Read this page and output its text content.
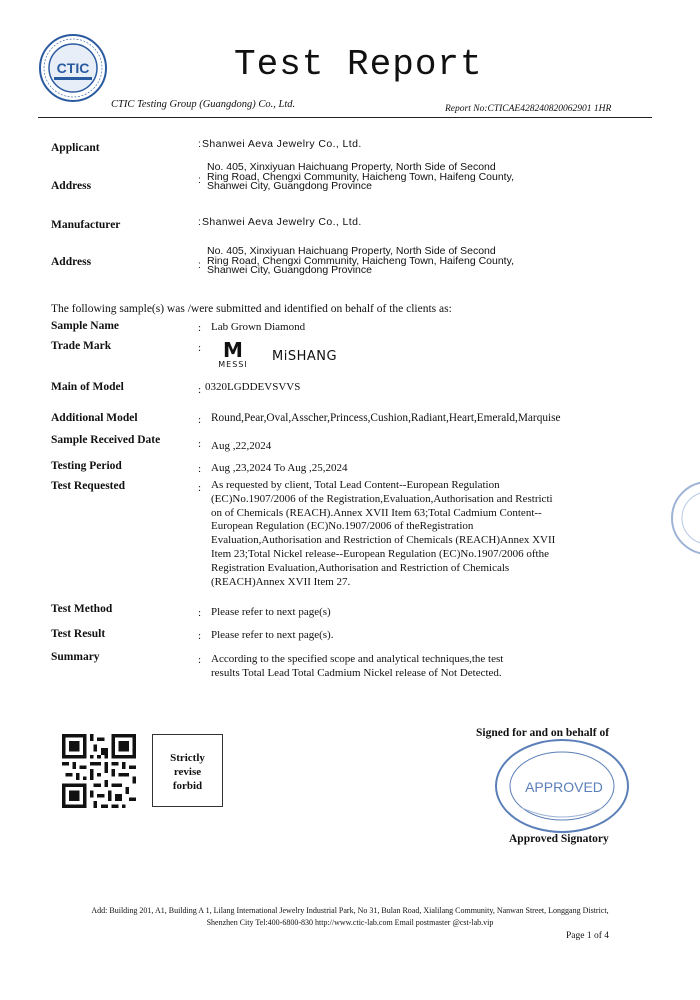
CTIC	Test Report
CTIC Testing Group (Guangdong) Co., Ltd.	Report No:CTICAE428240820062901 1HR
Applicant	: Shanwei Aeva Jewelry Co., Ltd.
Address	:
No. 405, Xinxiyuan Haichuang Property, North Side of Second
Ring Road, Chengxi Community, Haicheng Town, Haifeng County,
Shanwei City, Guangdong Province
Manufacturer	: Shanwei Aeva Jewelry Co., Ltd.
Address	:
No. 405, Xinxiyuan Haichuang Property, North Side of Second
Ring Road, Chengxi Community, Haicheng Town, Haifeng County,
Shanwei City, Guangdong Province
The following sample(s) was /were submitted and identified on behalf of the clients as:
Sample Name	: Lab Grown Diamond
Trade Mark	:	M
MESSI
MiSHANG
Main of Model	: 0320LGDDEVSVVS
Additional Model	: Round,Pear,Oval,Asscher,Princess,Cushion,Radiant,Heart,Emerald,Marquise
Sample Received Date	: Aug ,22,2024
Testing Period	: Aug ,23,2024 To Aug ,25,2024
Test Requested	: As requested by client, Total Lead Content--European Regulation
(EC)No.1907/2006 of the Registration,Evaluation,Authorisation and Restricti
on of Chemicals (REACH).Annex XVII Item 63;Total Cadmium Content--
European Regulation (EC)No.1907/2006 of theRegistration
Evaluation,Authorisation and Restriction of Chemicals (REACH)Annex XVII
Item 23;Total Nickel release--European Regulation (EC)No.1907/2006 ofthe
Registration Evaluation,Authorisation and Restriction of Chemicals
(REACH)Annex XVII Item 27.
Test Method	: Please refer to next page(s)
Test Result	: Please refer to next page(s).
Summary	: According to the specified scope and analytical techniques,the test
results Total Lead Total Cadmium Nickel release of Not Detected.
Strictly
revise
forbid
Signed for and on behalf of
APPROVED
Approved Signatory
Add: Building 201, A1, Building A 1, Lilang International Jewelry Industrial Park, No 31, Bulan Road, Xialilang Community, Nanwan Street, Longgang District,
Shenzhen City Tel:400-6800-830 http://www.ctic-lab.com Email postmaster @cst-lab.vip
Page 1 of 4
